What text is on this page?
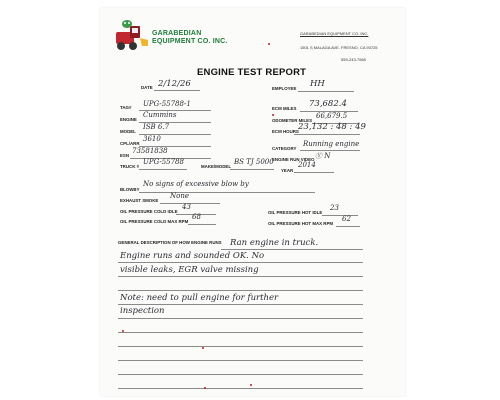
GARABEDIAN
EQUIPMENT CO. INC.
GARABEDIAN EQUIPMENT CO. INC.
1501 S MALAGA AVE. FRESNO, CA 93725
559-243-7565
ENGINE TEST REPORT
DATE 2/12/26	EMPLOYEE HH
TAG# UPG-55788-1
ENGINE
Cummins
MODEL
ISB 6.7
CPL/ARR
3610
ESN
73581838
TRUCK #
UPG-55788
MAKE/MODEL
BS TJ 5000
ECM MILES 73,682.4
ODOMETER MILES
66,679.5
ECM HOURS 23,132 : 48 : 49
CATEGORY
Running engine
ENGINE RUN VIDEO Ⓨ N
YEAR
2014
BLOWBY
No signs of excessive blow by
EXHAUST SMOKE
None
OIL PRESSURE COLD IDLE
43
OIL PRESSURE HOT IDLE
23
OIL PRESSURE COLD MAX RPM
68
OIL PRESSURE HOT MAX RPM
62
GENERAL DESCRIPTION OF HOW ENGINE RUNS Ran engine in truck.
Engine runs and sounded OK. No
visible leaks, EGR valve missing
Note: need to pull engine for further
inspection
